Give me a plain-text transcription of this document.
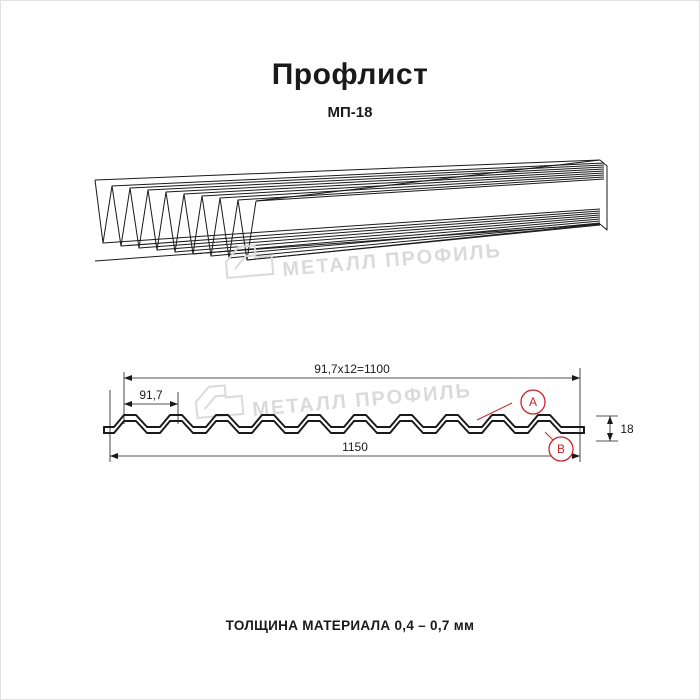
Профлист
МП-18
МЕТАЛЛ ПРОФИЛЬ
МЕТАЛЛ ПРОФИЛЬ
91,7х12=1100
91,7
1150
18
A
B
ТОЛЩИНА МАТЕРИАЛА 0,4 – 0,7 мм
